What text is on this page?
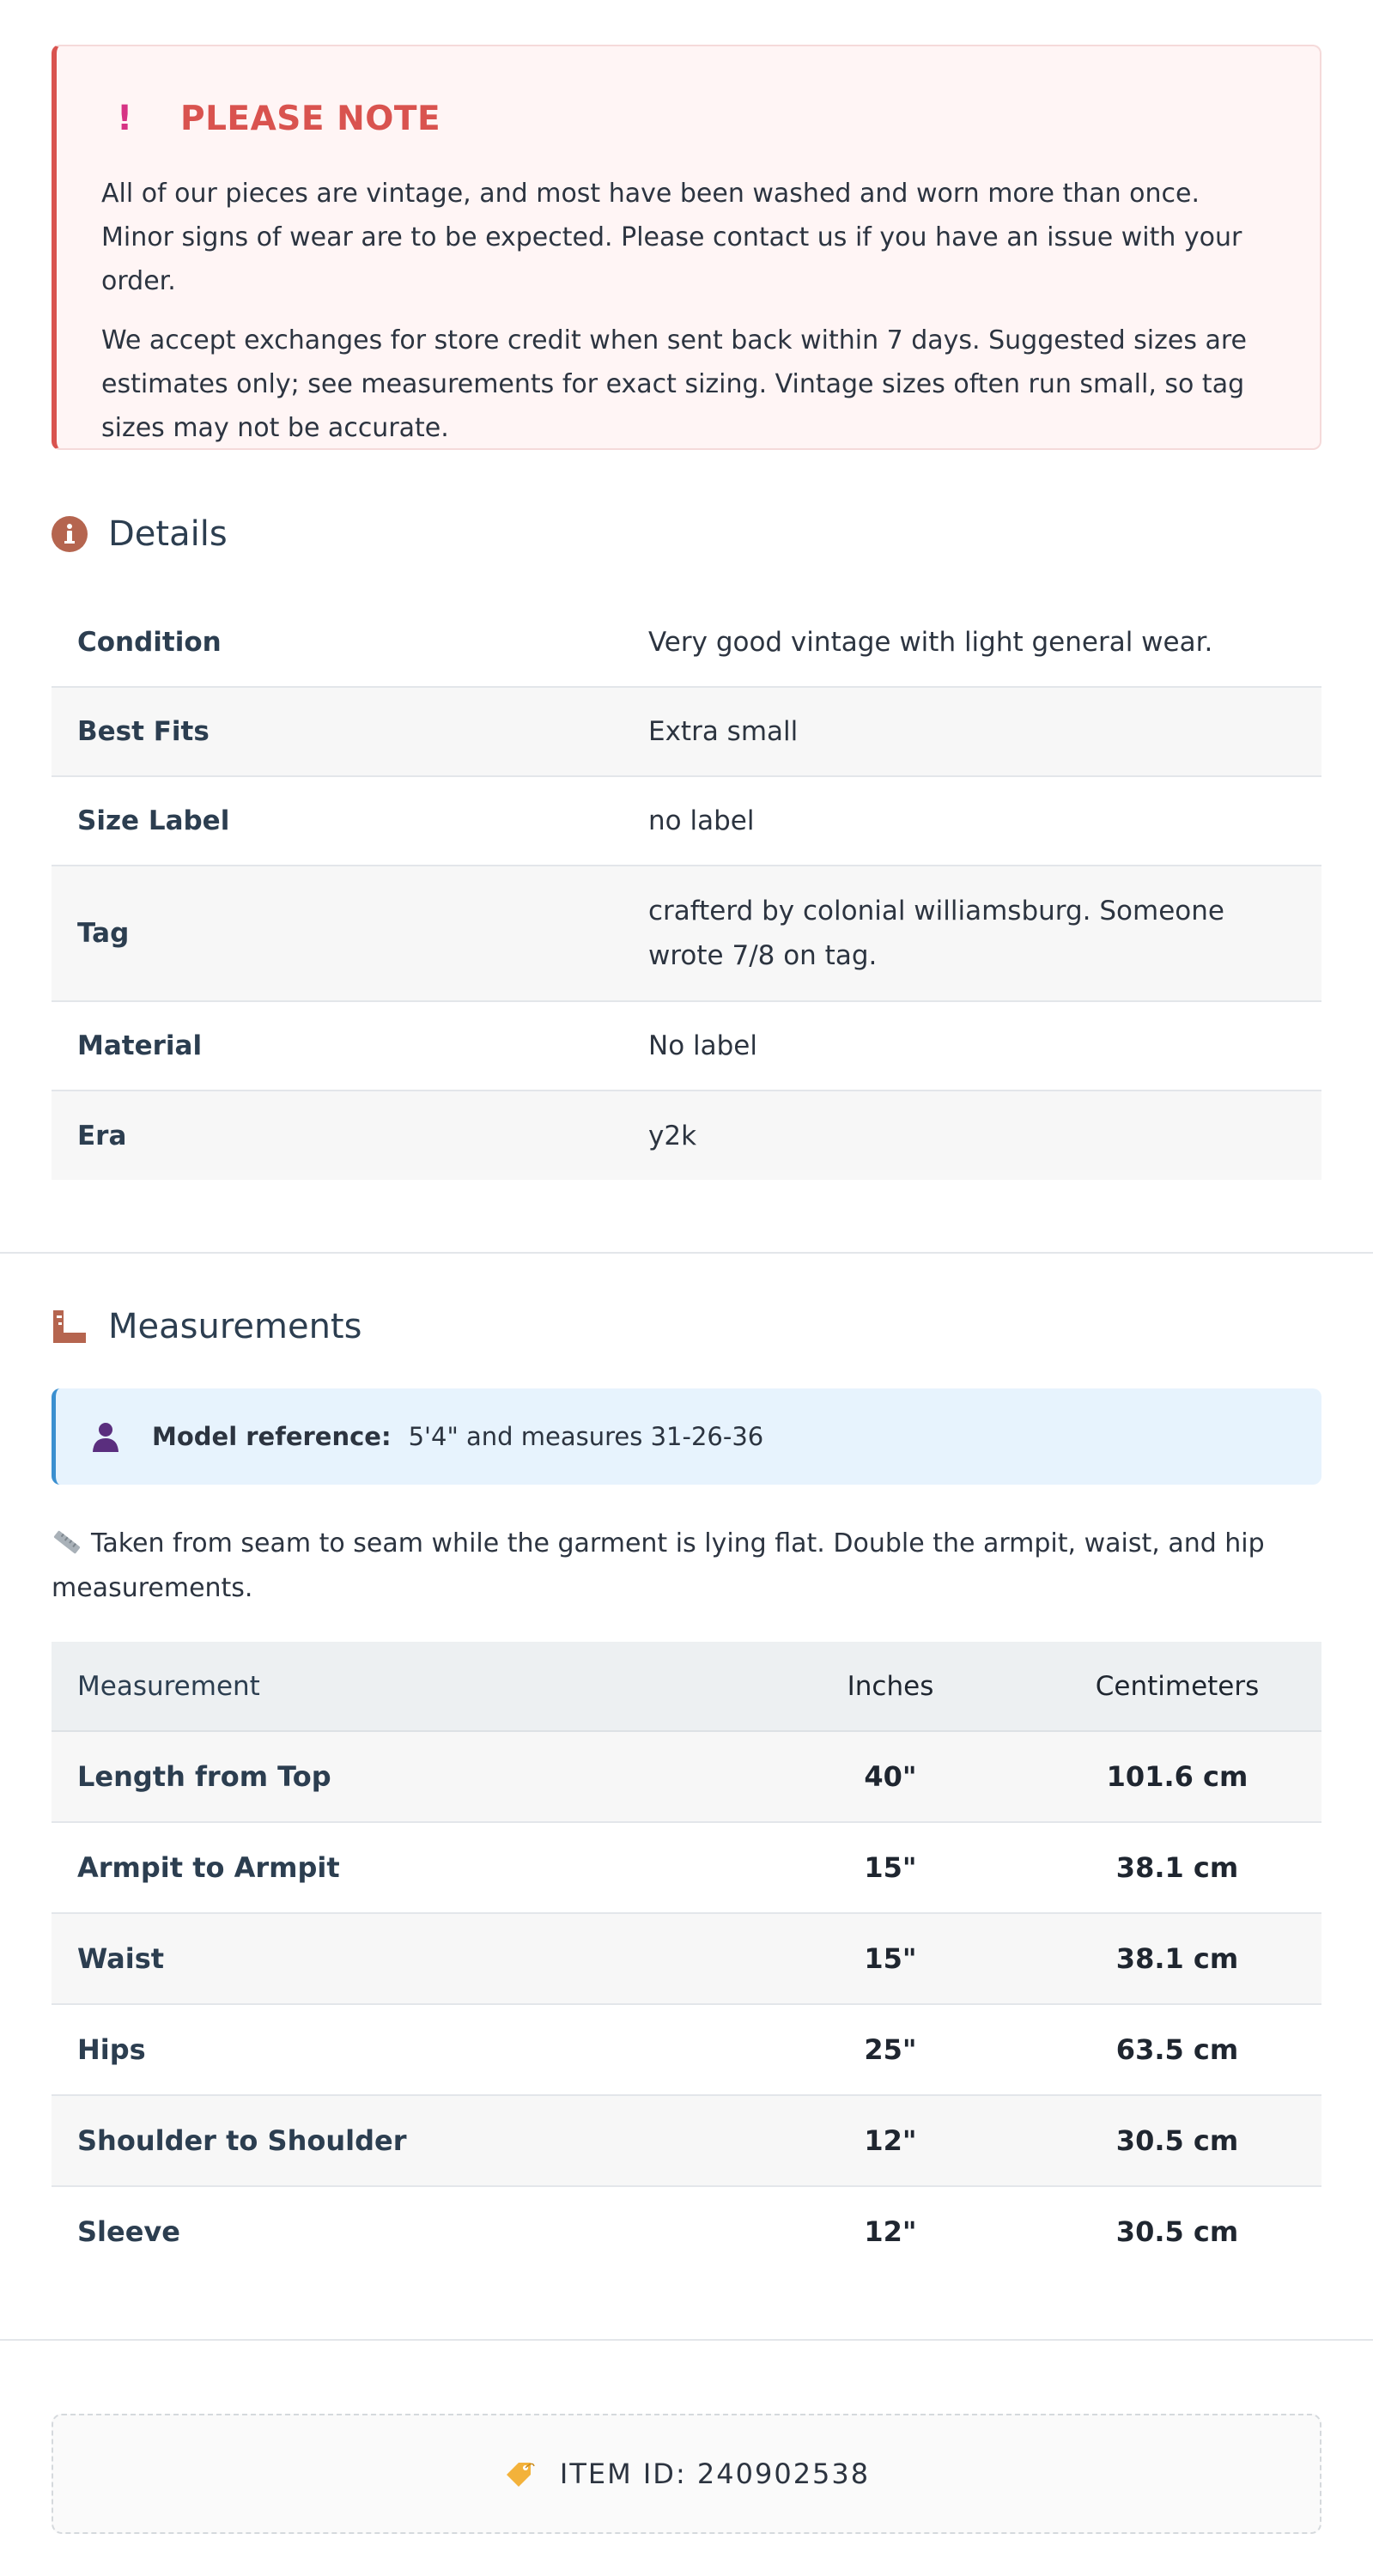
!	PLEASE NOTE

All of our pieces are vintage, and most have been washed and worn more than once. Minor signs of wear are to be expected. Please contact us if you have an issue with your order.

We accept exchanges for store credit when sent back within 7 days. Suggested sizes are estimates only; see measurements for exact sizing. Vintage sizes often run small, so tag sizes may not be accurate.

Details
Condition	Very good vintage with light general wear.
Best Fits	Extra small
Size Label	no label
Tag	crafterd by colonial williamsburg. Someone wrote 7/8 on tag.
Material	No label
Era	y2k
Measurements
Model reference: 5'4" and measures 31-26-36
Taken from seam to seam while the garment is lying flat. Double the armpit, waist, and hip measurements.
Measurement	Inches	Centimeters
Length from Top	40"	101.6 cm
Armpit to Armpit	15"	38.1 cm
Waist	15"	38.1 cm
Hips	25"	63.5 cm
Shoulder to Shoulder	12"	30.5 cm
Sleeve	12"	30.5 cm
ITEM ID: 240902538
